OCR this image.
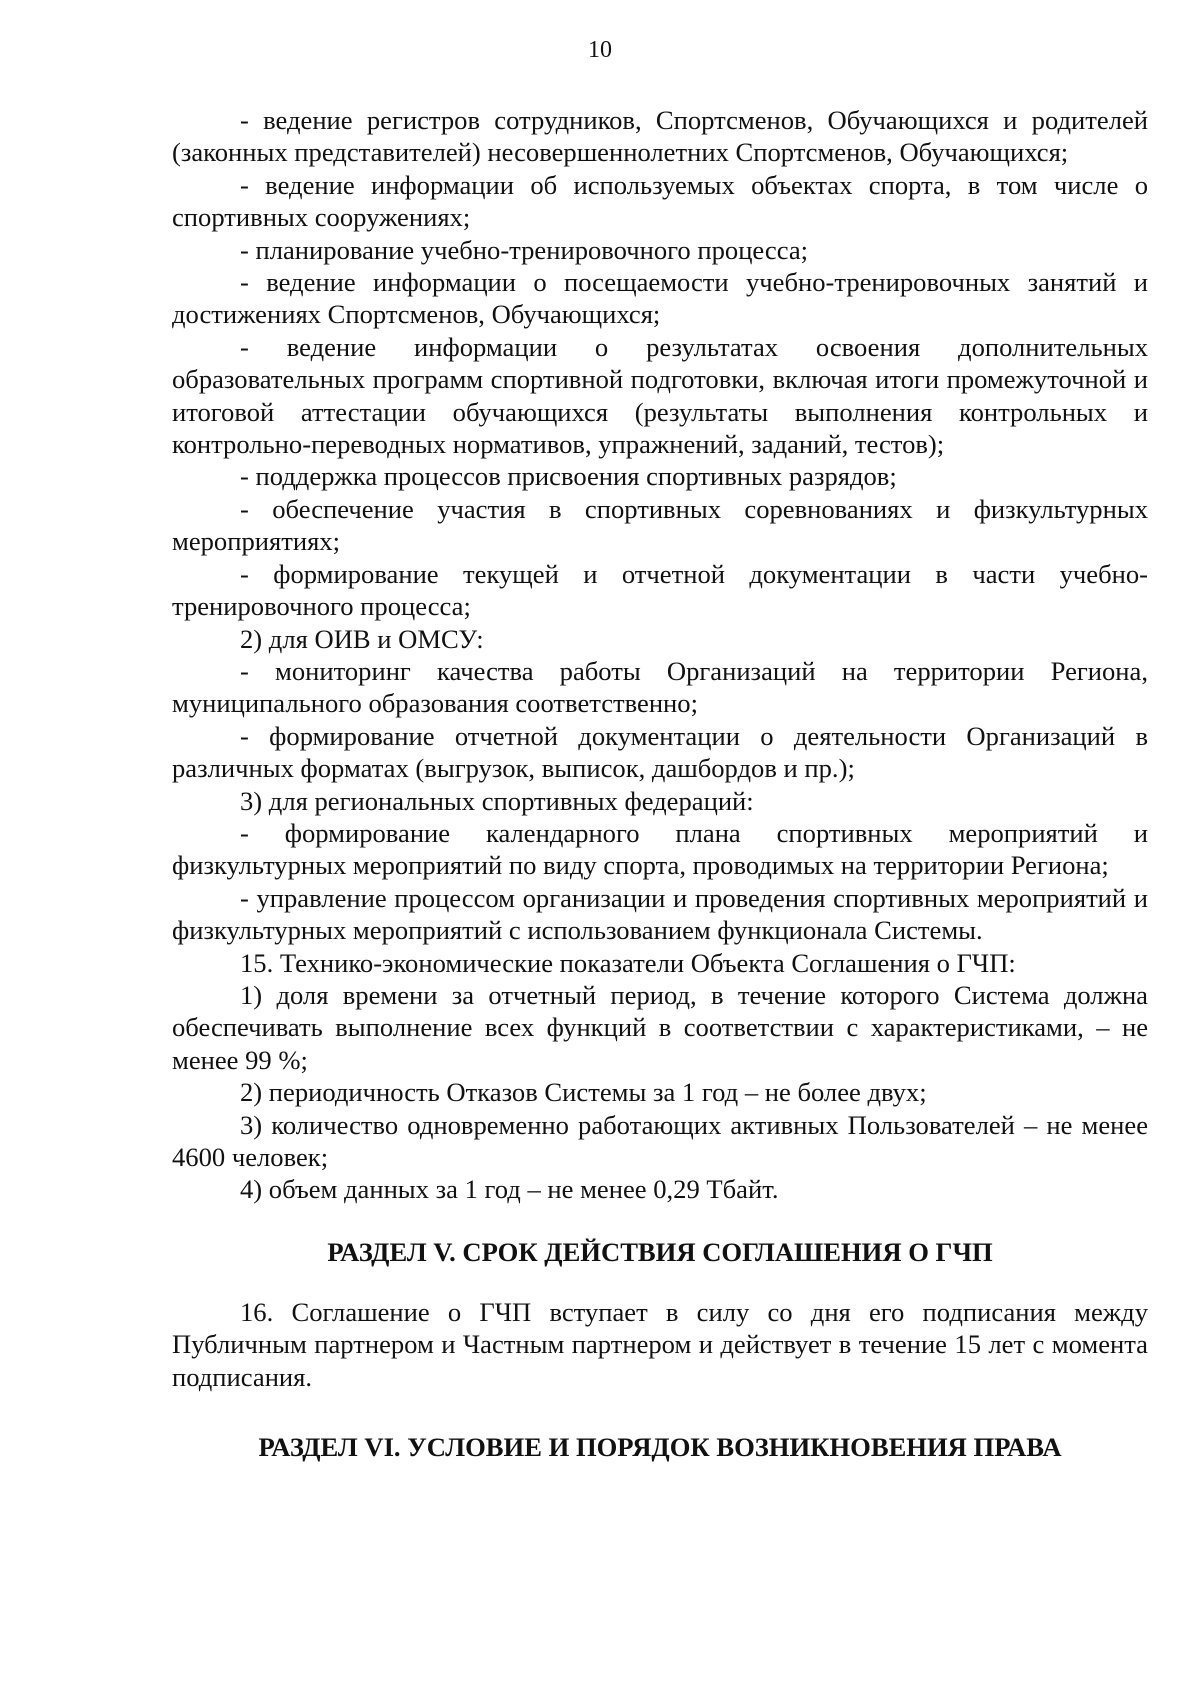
10

- ведение регистров сотрудников, Спортсменов, Обучающихся и родителей (законных представителей) несовершеннолетних Спортсменов, Обучающихся;

- ведение информации об используемых объектах спорта, в том числе о спортивных сооружениях;

- планирование учебно-тренировочного процесса;

- ведение информации о посещаемости учебно-тренировочных занятий и достижениях Спортсменов, Обучающихся;

- ведение информации о результатах освоения дополнительных образовательных программ спортивной подготовки, включая итоги промежуточной и итоговой аттестации обучающихся (результаты выполнения контрольных и контрольно-переводных нормативов, упражнений, заданий, тестов);

- поддержка процессов присвоения спортивных разрядов;

- обеспечение участия в спортивных соревнованиях и физкультурных мероприятиях;

- формирование текущей и отчетной документации в части учебно-тренировочного процесса;

2) для ОИВ и ОМСУ:

- мониторинг качества работы Организаций на территории Региона, муниципального образования соответственно;

- формирование отчетной документации о деятельности Организаций в различных форматах (выгрузок, выписок, дашбордов и пр.);

3) для региональных спортивных федераций:

- формирование календарного плана спортивных мероприятий и физкультурных мероприятий по виду спорта, проводимых на территории Региона;

- управление процессом организации и проведения спортивных мероприятий и физкультурных мероприятий с использованием функционала Системы.

15. Технико-экономические показатели Объекта Соглашения о ГЧП:

1) доля времени за отчетный период, в течение которого Система должна обеспечивать выполнение всех функций в соответствии с характеристиками, – не менее 99 %;

2) периодичность Отказов Системы за 1 год – не более двух;

3) количество одновременно работающих активных Пользователей – не менее 4600 человек;

4) объем данных за 1 год – не менее 0,29 Тбайт.

РАЗДЕЛ V. СРОК ДЕЙСТВИЯ СОГЛАШЕНИЯ О ГЧП

16. Соглашение о ГЧП вступает в силу со дня его подписания между Публичным партнером и Частным партнером и действует в течение 15 лет с момента подписания.

РАЗДЕЛ VI. УСЛОВИЕ И ПОРЯДОК ВОЗНИКНОВЕНИЯ ПРАВА
